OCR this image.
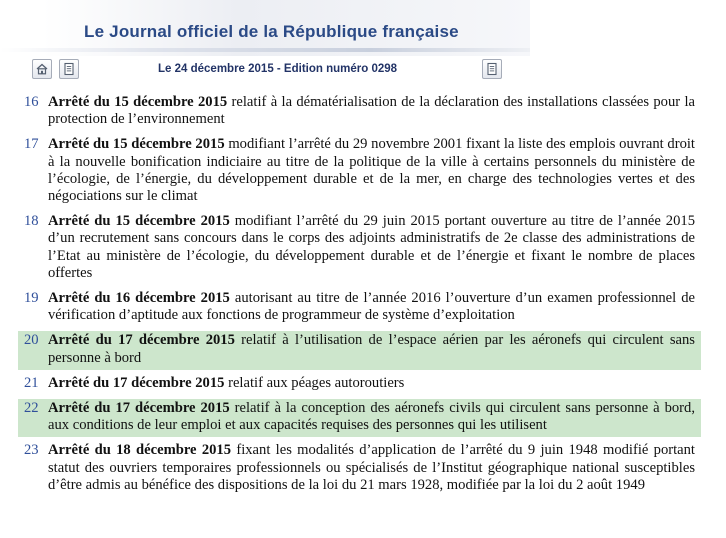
Le Journal officiel de la République française
Le 24 décembre 2015 - Edition numéro 0298
16 Arrêté du 15 décembre 2015 relatif à la dématérialisation de la déclaration des installations classées pour la protection de l’environnement
17 Arrêté du 15 décembre 2015 modifiant l’arrêté du 29 novembre 2001 fixant la liste des emplois ouvrant droit à la nouvelle bonification indiciaire au titre de la politique de la ville à certains personnels du ministère de l’écologie, de l’énergie, du développement durable et de la mer, en charge des technologies vertes et des négociations sur le climat
18 Arrêté du 15 décembre 2015 modifiant l’arrêté du 29 juin 2015 portant ouverture au titre de l’année 2015 d’un recrutement sans concours dans le corps des adjoints administratifs de 2e classe des administrations de l’Etat au ministère de l’écologie, du développement durable et de l’énergie et fixant le nombre de places offertes
19 Arrêté du 16 décembre 2015 autorisant au titre de l’année 2016 l’ouverture d’un examen professionnel de vérification d’aptitude aux fonctions de programmeur de système d’exploitation
20 Arrêté du 17 décembre 2015 relatif à l’utilisation de l’espace aérien par les aéronefs qui circulent sans personne à bord
21 Arrêté du 17 décembre 2015 relatif aux péages autoroutiers
22 Arrêté du 17 décembre 2015 relatif à la conception des aéronefs civils qui circulent sans personne à bord, aux conditions de leur emploi et aux capacités requises des personnes qui les utilisent
23 Arrêté du 18 décembre 2015 fixant les modalités d’application de l’arrêté du 9 juin 1948 modifié portant statut des ouvriers temporaires professionnels ou spécialisés de l’Institut géographique national susceptibles d’être admis au bénéfice des dispositions de la loi du 21 mars 1928, modifiée par la loi du 2 août 1949
